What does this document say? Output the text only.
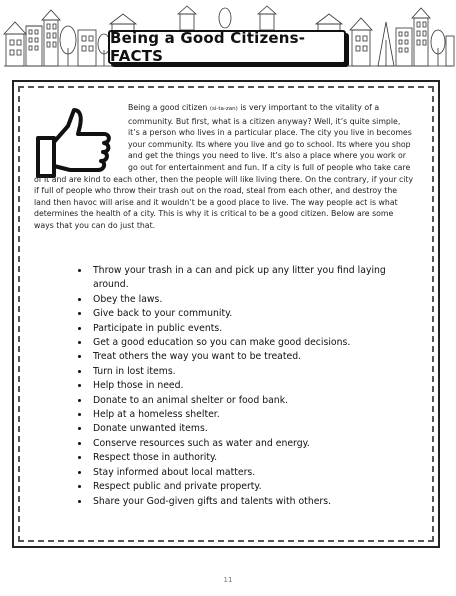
Being a Good Citizens- FACTS
Being a good citizen (si-ta-zan) is very important to the vitality of a community. But first, what is a citizen anyway? Well, it’s quite simple, it’s a person who lives in a particular place. The city you live in becomes your community. Its where you live and go to school. Its where you shop and get the things you need to live. It’s also a place where you work or go out for entertainment and fun. If a city is full of people who take care of it and are kind to each other, then the people will like living there. On the contrary, if your city if full of people who throw their trash out on the road, steal from each other, and destroy the land then havoc will arise and it wouldn’t be a good place to live. The way people act is what determines the health of a city. This is why it is critical to be a good citizen. Below are some ways that you can do just that.
• Throw your trash in a can and pick up any litter you find laying around.
• Obey the laws.
• Give back to your community.
• Participate in public events.
• Get a good education so you can make good decisions.
• Treat others the way you want to be treated.
• Turn in lost items.
• Help those in need.
• Donate to an animal shelter or food bank.
• Help at a homeless shelter.
• Donate unwanted items.
• Conserve resources such as water and energy.
• Respect those in authority.
• Stay informed about local matters.
• Respect public and private property.
• Share your God-given gifts and talents with others.
11
